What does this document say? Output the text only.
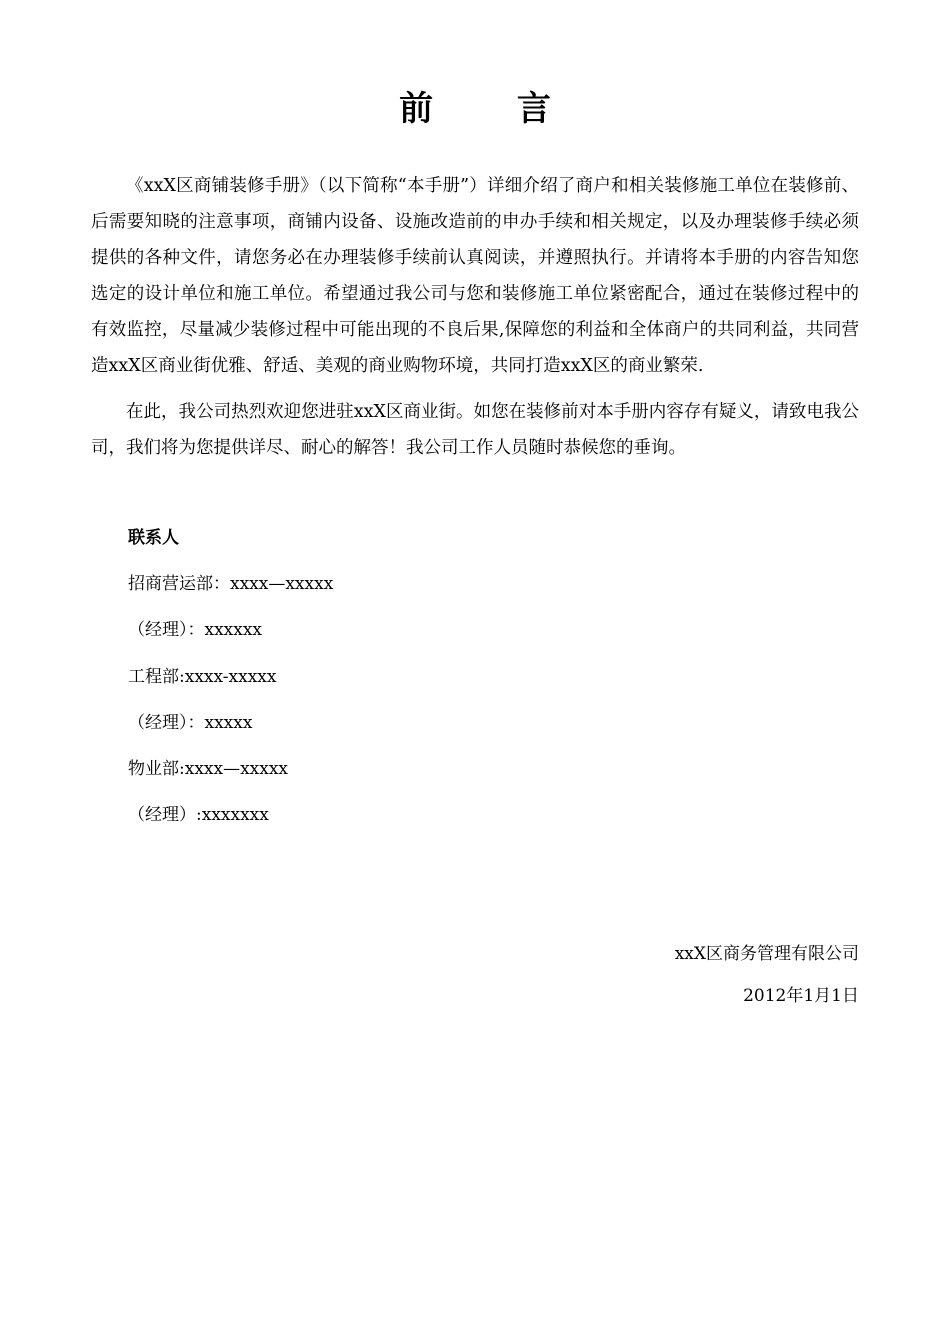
前 言

《xxX区商铺装修手册》（以下简称“本手册”）详细介绍了商户和相关装修施工单位在装修前、后需要知晓的注意事项，商铺内设备、设施改造前的申办手续和相关规定，以及办理装修手续必须提供的各种文件，请您务必在办理装修手续前认真阅读，并遵照执行。并请将本手册的内容告知您选定的设计单位和施工单位。希望通过我公司与您和装修施工单位紧密配合，通过在装修过程中的有效监控，尽量减少装修过程中可能出现的不良后果,保障您的利益和全体商户的共同利益，共同营造xxX区商业街优雅、舒适、美观的商业购物环境，共同打造xxX区的商业繁荣.

在此，我公司热烈欢迎您进驻xxX区商业街。如您在装修前对本手册内容存有疑义，请致电我公司，我们将为您提供详尽、耐心的解答！我公司工作人员随时恭候您的垂询。

联系人

招商营运部：xxxx—xxxxx

（经理）：xxxxxx

工程部:xxxx-xxxxx

（经理）：xxxxx

物业部:xxxx—xxxxx

（经理）:xxxxxxx

xxX区商务管理有限公司

2012年1月1日
